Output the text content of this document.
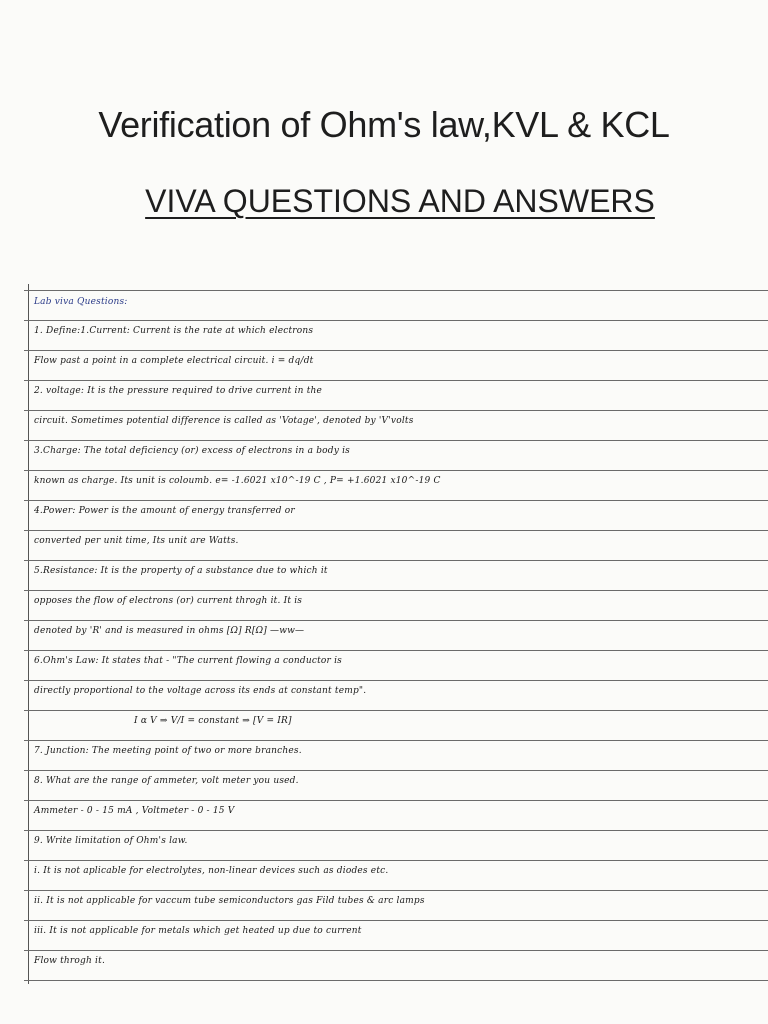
Verification of Ohm's law,KVL & KCL
VIVA QUESTIONS AND ANSWERS
Lab viva Questions:
1. Define:1.Current: Current is the rate at which electrons
Flow past a point in a complete electrical circuit. i = dq/dt
2. voltage: It is the pressure required to drive current in the
circuit. Sometimes potential difference is called as 'Votage', denoted by 'V'volts
3.Charge: The total deficiency (or) excess of electrons in a body is
known as charge. Its unit is coloumb. e= -1.6021 x10^-19 C , P= +1.6021 x10^-19 C
4.Power: Power is the amount of energy transferred or
converted per unit time, Its unit are Watts.
5.Resistance: It is the property of a substance due to which it
opposes the flow of electrons (or) current throgh it. It is
denoted by 'R' and is measured in ohms [Ω] R[Ω] —ww—
6.Ohm's Law: It states that - "The current flowing a conductor is
directly proportional to the voltage across its ends at constant temp".
I α V ⇒ V/I = constant ⇒ [V = IR]
7. Junction: The meeting point of two or more branches.
8. What are the range of ammeter, volt meter you used.
Ammeter - 0 - 15 mA , Voltmeter - 0 - 15 V
9. Write limitation of Ohm's law.
i. It is not aplicable for electrolytes, non-linear devices such as diodes etc.
ii. It is not applicable for vaccum tube semiconductors gas Fild tubes & arc lamps
iii. It is not applicable for metals which get heated up due to current
Flow throgh it.
